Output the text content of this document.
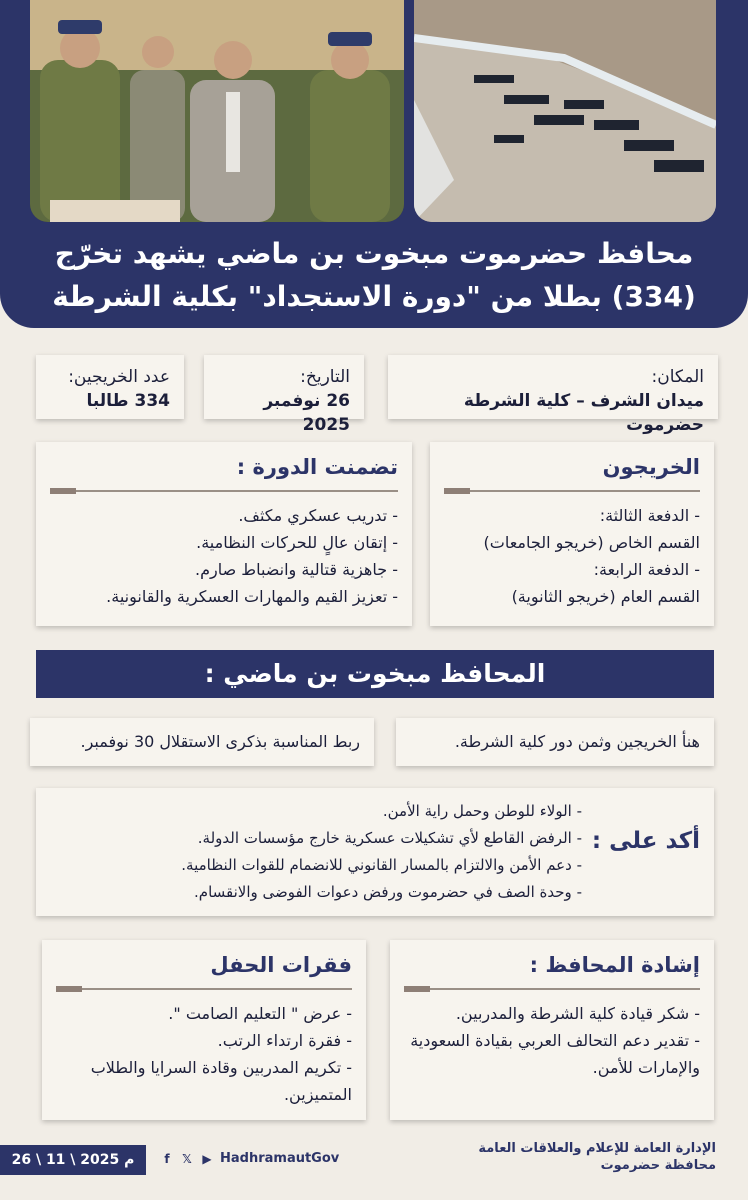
محافظ حضرموت مبخوت بن ماضي يشهد تخرّج
(334) بطلا من "دورة الاستجداد" بكلية الشرطة
المكان:
ميدان الشرف – كلية الشرطة حضرموت
التاريخ:
26 نوفمبر 2025
عدد الخريجين:
334 طالبا
الخريجون
- الدفعة الثالثة:
القسم الخاص (خريجو الجامعات)
- الدفعة الرابعة:
القسم العام (خريجو الثانوية)
تضمنت الدورة :
- تدريب عسكري مكثف.
- إتقان عالٍ للحركات النظامية.
- جاهزية قتالية وانضباط صارم.
- تعزيز القيم والمهارات العسكرية والقانونية.
المحافظ مبخوت بن ماضي :
هنأ الخريجين وثمن دور كلية الشرطة.
ربط المناسبة بذكرى الاستقلال 30 نوفمبر.
أكد على :
- الولاء للوطن وحمل راية الأمن.
- الرفض القاطع لأي تشكيلات عسكرية خارج مؤسسات الدولة.
- دعم الأمن والالتزام بالمسار القانوني للانضمام للقوات النظامية.
- وحدة الصف في حضرموت ورفض دعوات الفوضى والانقسام.
إشادة المحافظ :
- شكر قيادة كلية الشرطة والمدربين.
- تقدير دعم التحالف العربي بقيادة السعودية والإمارات للأمن.
فقرات الحفل
- عرض " التعليم الصامت ".
- فقرة ارتداء الرتب.
- تكريم المدربين وقادة السرايا والطلاب المتميزين.
26 \ 11 \ 2025 م	f	𝕏 ▶ HadhramautGov
الإدارة العامة للإعلام والعلاقات العامة
محافظة حضرموت
